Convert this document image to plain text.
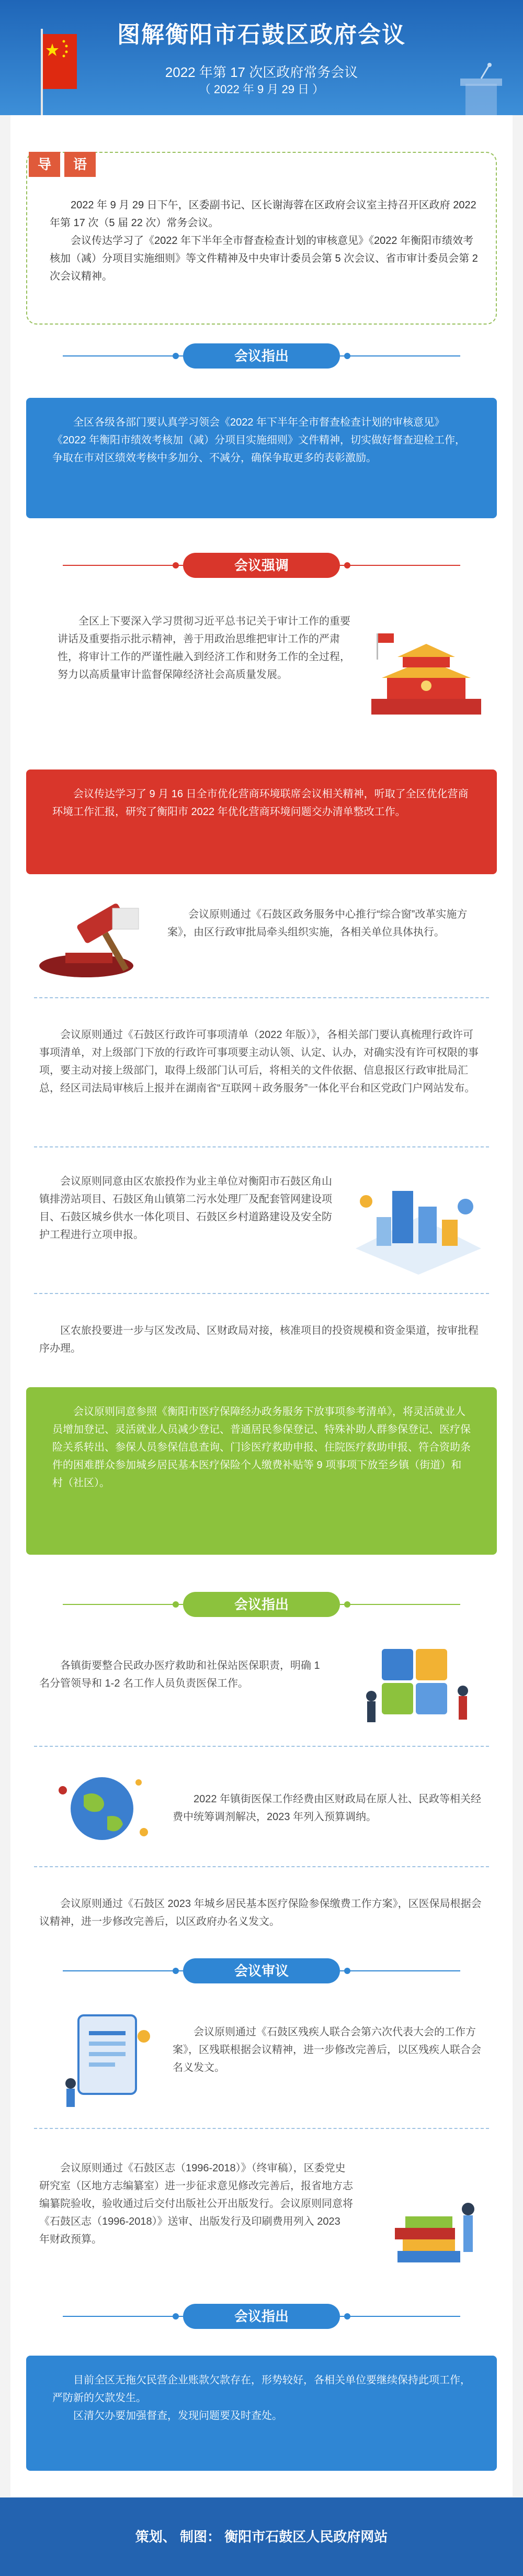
图解衡阳市石鼓区政府会议
2022 年第 17 次区政府常务会议
（ 2022 年 9 月 29 日 ）
导 语

2022 年 9 月 29 日下午，区委副书记、区长谢海蓉在区政府会议室主持召开区政府 2022 年第 17 次（5 届 22 次）常务会议。

会议传达学习了《2022 年下半年全市督查检查计划的审核意见》《2022 年衡阳市绩效考核加（减）分项目实施细则》等文件精神及中央审计委员会第 5 次会议、省市审计委员会第 2 次会议精神。

会议指出

全区各级各部门要认真学习领会《2022 年下半年全市督查检查计划的审核意见》《2022 年衡阳市绩效考核加（减）分项目实施细则》文件精神，切实做好督查迎检工作，争取在市对区绩效考核中多加分、不减分，确保争取更多的表彰激励。

会议强调

全区上下要深入学习贯彻习近平总书记关于审计工作的重要讲话及重要指示批示精神，善于用政治思维把审计工作的严肃性，将审计工作的严谨性融入到经济工作和财务工作的全过程，努力以高质量审计监督保障经济社会高质量发展。

会议传达学习了 9 月 16 日全市优化营商环境联席会议相关精神，听取了全区优化营商环境工作汇报，研究了衡阳市 2022 年优化营商环境问题交办清单整改工作。

会议原则通过《石鼓区政务服务中心推行“综合窗”改革实施方案》，由区行政审批局牵头组织实施，各相关单位具体执行。

会议原则通过《石鼓区行政许可事项清单（2022 年版）》，各相关部门要认真梳理行政许可事项清单，对上级部门下放的行政许可事项要主动认领、认定、认办，对确实没有许可权限的事项，要主动对接上级部门，取得上级部门认可后，将相关的文件依据、信息报区行政审批局汇总，经区司法局审核后上报并在湖南省“互联网＋政务服务”一体化平台和区党政门户网站发布。

会议原则同意由区农旅投作为业主单位对衡阳市石鼓区角山镇排涝站项目、石鼓区角山镇第二污水处理厂及配套管网建设项目、石鼓区城乡供水一体化项目、石鼓区乡村道路建设及安全防护工程进行立项申报。

区农旅投要进一步与区发改局、区财政局对接，核准项目的投资规模和资金渠道，按审批程序办理。

会议原则同意参照《衡阳市医疗保障经办政务服务下放事项参考清单》，将灵活就业人员增加登记、灵活就业人员减少登记、普通居民参保登记、特殊补助人群参保登记、医疗保险关系转出、参保人员参保信息查询、门诊医疗救助申报、住院医疗救助申报、符合资助条件的困难群众参加城乡居民基本医疗保险个人缴费补贴等 9 项事项下放至乡镇（街道）和村（社区）。

会议指出

各镇街要整合民政办医疗救助和社保站医保职责，明确 1 名分管领导和 1-2 名工作人员负责医保工作。

2022 年镇街医保工作经费由区财政局在原人社、民政等相关经费中统筹调剂解决，2023 年列入预算调纳。

会议原则通过《石鼓区 2023 年城乡居民基本医疗保险参保缴费工作方案》，区医保局根据会议精神，进一步修改完善后，以区政府办名义发文。

会议审议

会议原则通过《石鼓区残疾人联合会第六次代表大会的工作方案》，区残联根据会议精神，进一步修改完善后，以区残疾人联合会名义发文。

会议原则通过《石鼓区志（1996-2018）》（终审稿），区委党史研究室（区地方志编纂室）进一步征求意见修改完善后，报省地方志编纂院验收，验收通过后交付出版社公开出版发行。会议原则同意将《石鼓区志（1996-2018）》送审、出版发行及印刷费用列入 2023 年财政预算。

会议指出

目前全区无拖欠民营企业账款欠款存在，形势较好，各相关单位要继续保持此项工作，严防新的欠款发生。

区清欠办要加强督查，发现问题要及时查处。

策划、 制图： 衡阳市石鼓区人民政府网站
